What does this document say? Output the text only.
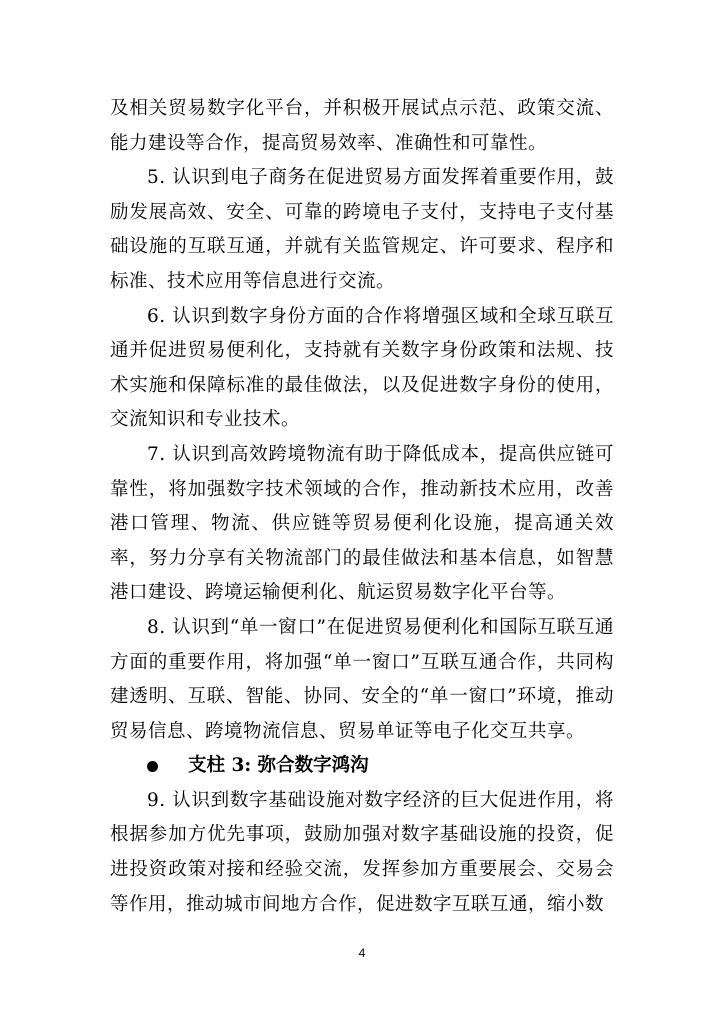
及相关贸易数字化平台，并积极开展试点示范、政策交流、能力建设等合作，提高贸易效率、准确性和可靠性。

5. 认识到电子商务在促进贸易方面发挥着重要作用，鼓励发展高效、安全、可靠的跨境电子支付，支持电子支付基础设施的互联互通，并就有关监管规定、许可要求、程序和标准、技术应用等信息进行交流。

6. 认识到数字身份方面的合作将增强区域和全球互联互通并促进贸易便利化，支持就有关数字身份政策和法规、技术实施和保障标准的最佳做法，以及促进数字身份的使用，交流知识和专业技术。

7. 认识到高效跨境物流有助于降低成本，提高供应链可靠性，将加强数字技术领域的合作，推动新技术应用，改善港口管理、物流、供应链等贸易便利化设施，提高通关效率，努力分享有关物流部门的最佳做法和基本信息，如智慧港口建设、跨境运输便利化、航运贸易数字化平台等。

8. 认识到“单一窗口”在促进贸易便利化和国际互联互通方面的重要作用，将加强“单一窗口”互联互通合作，共同构建透明、互联、智能、协同、安全的“单一窗口”环境，推动贸易信息、跨境物流信息、贸易单证等电子化交互共享。

支柱 3: 弥合数字鸿沟

9. 认识到数字基础设施对数字经济的巨大促进作用，将根据参加方优先事项，鼓励加强对数字基础设施的投资，促进投资政策对接和经验交流，发挥参加方重要展会、交易会等作用，推动城市间地方合作，促进数字互联互通，缩小数

4
